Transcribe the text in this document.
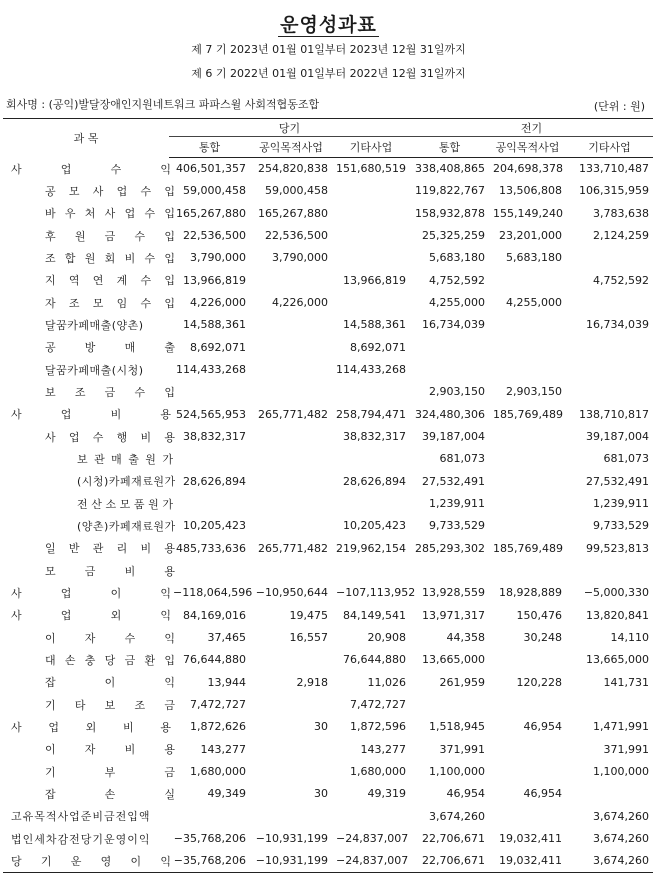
운영성과표
제 7 기 2023년 01월 01일부터 2023년 12월 31일까지
제 6 기 2022년 01월 01일부터 2022년 12월 31일까지
회사명 : (공익)발달장애인지원네트워크 파파스윌 사회적협동조합	(단위 : 원)
과 목	당기			전기		
	통합	공익목적사업	기타사업	통합	공익목적사업	기타사업
사 업 수 익	406,501,357	254,820,838	151,680,519	338,408,865	204,698,378	133,710,487
공 모 사 업 수 입	59,000,458	59,000,458		119,822,767	13,506,808	106,315,959
바 우 처 사 업 수 입	165,267,880	165,267,880		158,932,878	155,149,240	3,783,638
후 원 금 수 입	22,536,500	22,536,500		25,325,259	23,201,000	2,124,259
조 합 원 회 비 수 입	3,790,000	3,790,000		5,683,180	5,683,180	
지 역 연 계 수 입	13,966,819		13,966,819	4,752,592		4,752,592
자 조 모 임 수 입	4,226,000	4,226,000		4,255,000	4,255,000	
달꿈카페매출(양촌)	14,588,361		14,588,361	16,734,039		16,734,039
공 방 매 출	8,692,071		8,692,071			
달꿈카페매출(시청)	114,433,268		114,433,268			
보 조 금 수 입				2,903,150	2,903,150	
사 업 비 용	524,565,953	265,771,482	258,794,471	324,480,306	185,769,489	138,710,817
사 업 수 행 비 용	38,832,317		38,832,317	39,187,004		39,187,004
보 관 매 출 원 가				681,073		681,073
(시청)카페재료원가	28,626,894		28,626,894	27,532,491		27,532,491
전 산 소 모 품 원 가				1,239,911		1,239,911
(양촌)카페재료원가	10,205,423		10,205,423	9,733,529		9,733,529
일 반 관 리 비 용	485,733,636	265,771,482	219,962,154	285,293,302	185,769,489	99,523,813
모 금 비 용						
사 업 이 익	−118,064,596	−10,950,644	−107,113,952	13,928,559	18,928,889	−5,000,330
사 업 외 익	84,169,016	19,475	84,149,541	13,971,317	150,476	13,820,841
이 자 수 익	37,465	16,557	20,908	44,358	30,248	14,110
대 손 충 당 금 환 입	76,644,880		76,644,880	13,665,000		13,665,000
잡 이 익	13,944	2,918	11,026	261,959	120,228	141,731
기 타 보 조 금	7,472,727		7,472,727			
사 업 외 비 용	1,872,626	30	1,872,596	1,518,945	46,954	1,471,991
이 자 비 용	143,277		143,277	371,991		371,991
기 부 금	1,680,000		1,680,000	1,100,000		1,100,000
잡 손 실	49,349	30	49,319	46,954	46,954	
고유목적사업준비금전입액				3,674,260		3,674,260
법인세차감전당기운영이익	−35,768,206	−10,931,199	−24,837,007	22,706,671	19,032,411	3,674,260
당 기 운 영 이 익	−35,768,206	−10,931,199	−24,837,007	22,706,671	19,032,411	3,674,260
